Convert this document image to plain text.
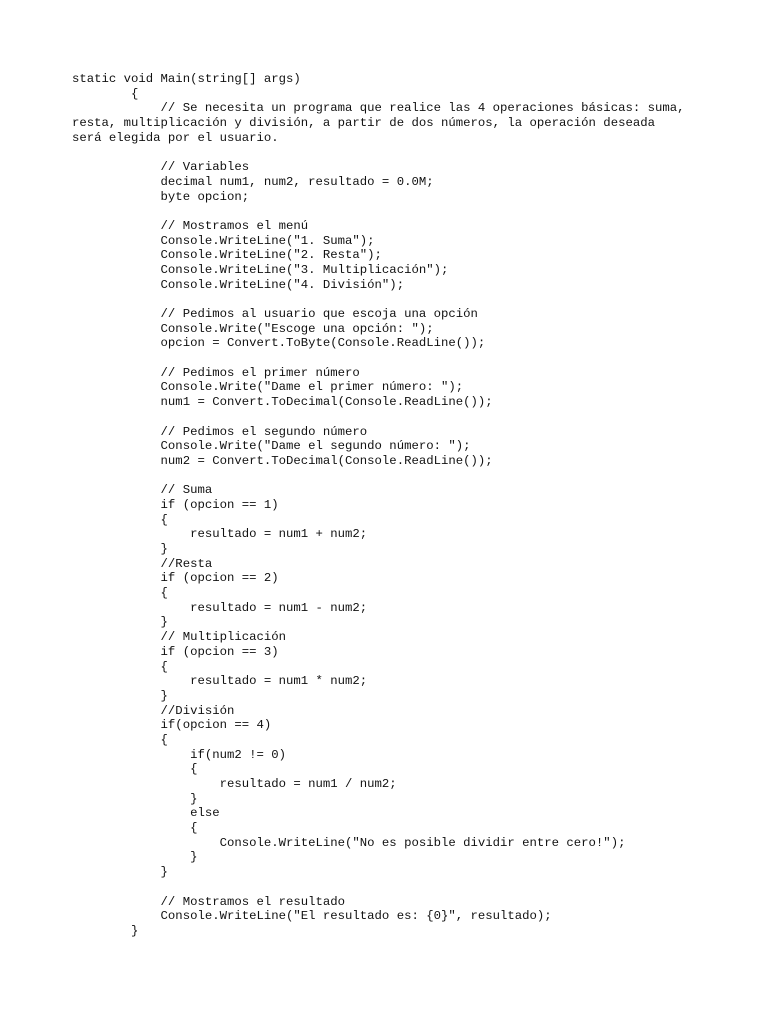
static void Main(string[] args)
{
// Se necesita un programa que realice las 4 operaciones básicas: suma,
resta, multiplicación y división, a partir de dos números, la operación deseada
será elegida por el usuario.
// Variables
decimal num1, num2, resultado = 0.0M;
byte opcion;
// Mostramos el menú
Console.WriteLine("1. Suma");
Console.WriteLine("2. Resta");
Console.WriteLine("3. Multiplicación");
Console.WriteLine("4. División");
// Pedimos al usuario que escoja una opción
Console.Write("Escoge una opción: ");
opcion = Convert.ToByte(Console.ReadLine());
// Pedimos el primer número
Console.Write("Dame el primer número: ");
num1 = Convert.ToDecimal(Console.ReadLine());
// Pedimos el segundo número
Console.Write("Dame el segundo número: ");
num2 = Convert.ToDecimal(Console.ReadLine());
// Suma
if (opcion == 1)
{
resultado = num1 + num2;
}
//Resta
if (opcion == 2)
{
resultado = num1 - num2;
}
// Multiplicación
if (opcion == 3)
{
resultado = num1 * num2;
}
//División
if(opcion == 4)
{
if(num2 != 0)
{
resultado = num1 / num2;
}
else
{
Console.WriteLine("No es posible dividir entre cero!");
}
}
// Mostramos el resultado
Console.WriteLine("El resultado es: {0}", resultado);
}
